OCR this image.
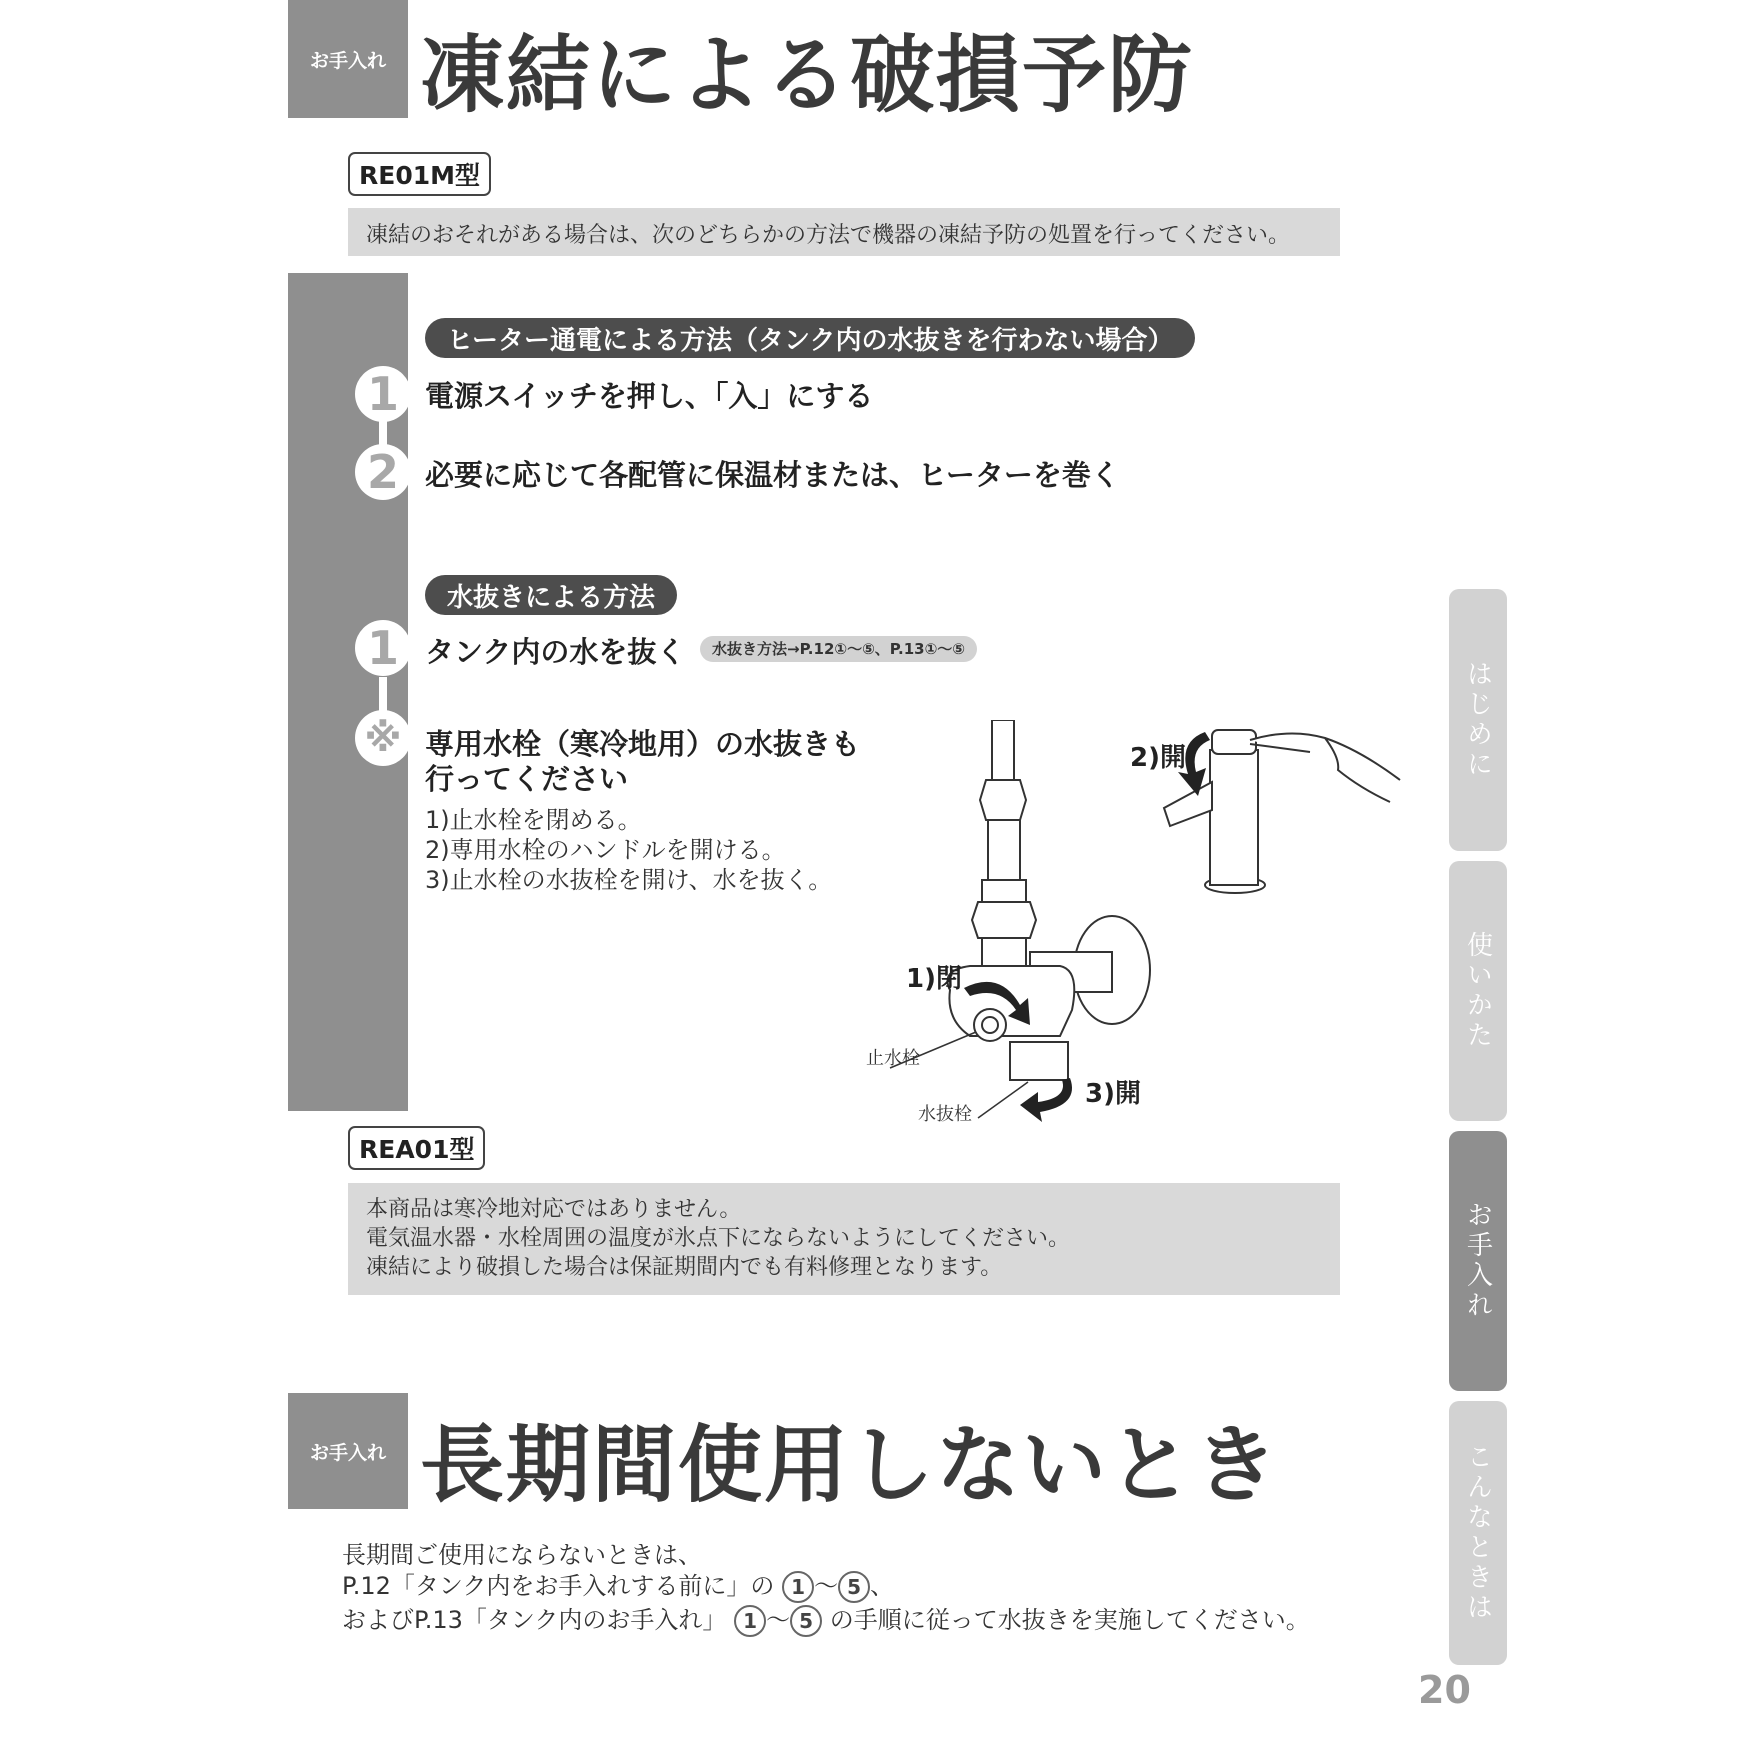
お手入れ 凍結による破損予防
RE01M型
凍結のおそれがある場合は、次のどちらかの方法で機器の凍結予防の処置を行ってください。
ヒーター通電による方法（タンク内の水抜きを行わない場合）
1 電源スイッチを押し、「入」にする
2 必要に応じて各配管に保温材または、ヒーターを巻く
水抜きによる方法
1 タンク内の水を抜く	水抜き方法→P.12①〜⑤、P.13①〜⑤
※ 専用水栓（寒冷地用）の水抜きも
行ってください
1)止水栓を閉める。
2)専用水栓のハンドルを開ける。
3)止水栓の水抜栓を開け、水を抜く。
1)閉
止水栓
3)開
水抜栓
2)開
REA01型
本商品は寒冷地対応ではありません。
電気温水器・水栓周囲の温度が氷点下にならないようにしてください。
凍結により破損した場合は保証期間内でも有料修理となります。
お手入れ 長期間使用しないとき
長期間ご使用にならないときは、
P.12「タンク内をお手入れする前に」の 1 〜 5 、
およびP.13「タンク内のお手入れ」 1 〜 5 の手順に従って水抜きを実施してください。
はじめに
使いかた
お手入れ
こんなときは
20
